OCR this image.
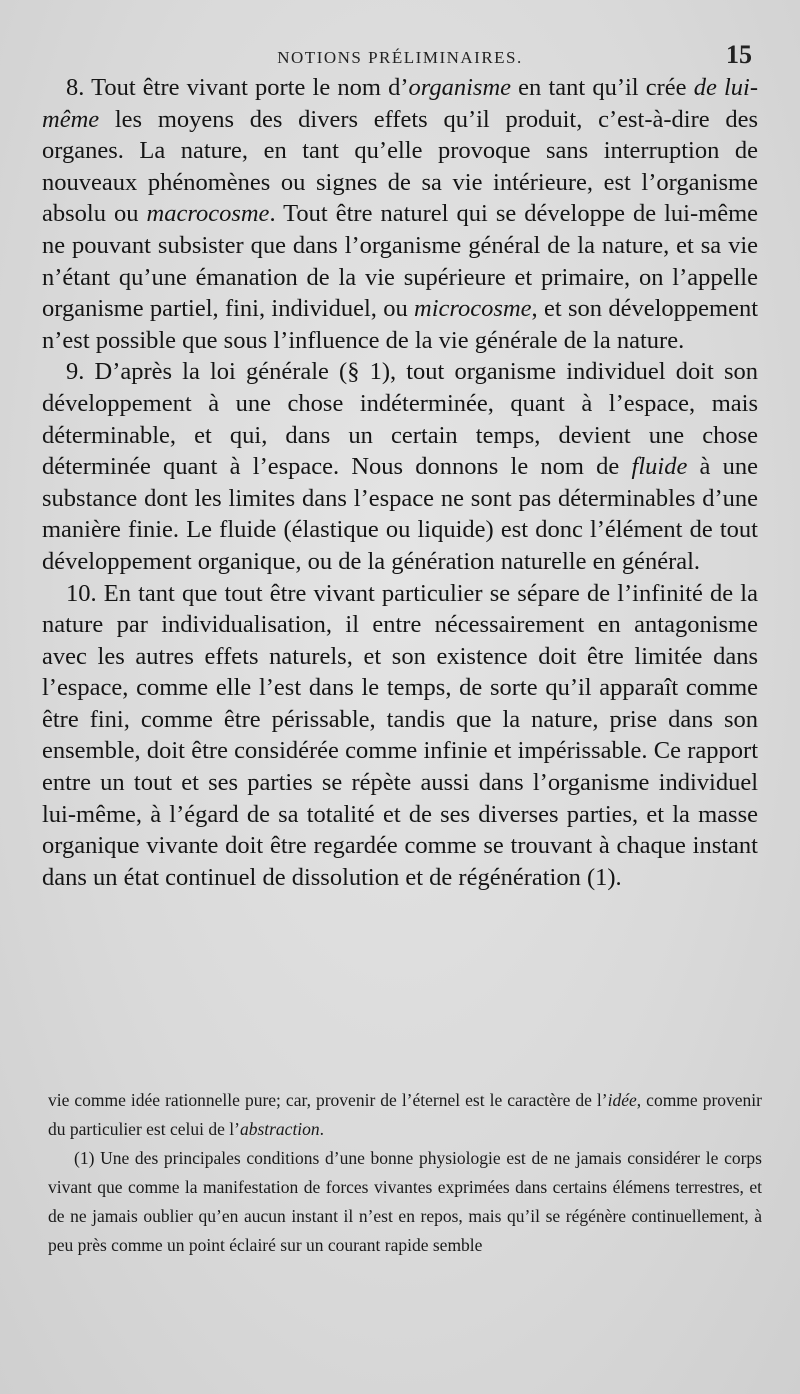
NOTIONS PRÉLIMINAIRES.	15

8. Tout être vivant porte le nom d’organisme en tant qu’il crée de lui-même les moyens des divers effets qu’il produit, c’est-à-dire des organes. La nature, en tant qu’elle provoque sans interruption de nouveaux phénomènes ou signes de sa vie intérieure, est l’organisme absolu ou macrocosme. Tout être naturel qui se développe de lui-même ne pouvant subsister que dans l’organisme général de la nature, et sa vie n’étant qu’une émanation de la vie supérieure et primaire, on l’appelle organisme partiel, fini, individuel, ou microcosme, et son développement n’est possible que sous l’influence de la vie générale de la nature.

9. D’après la loi générale (§ 1), tout organisme individuel doit son développement à une chose indéterminée, quant à l’espace, mais déterminable, et qui, dans un certain temps, devient une chose déterminée quant à l’espace. Nous donnons le nom de fluide à une substance dont les limites dans l’espace ne sont pas déterminables d’une manière finie. Le fluide (élastique ou liquide) est donc l’élément de tout développement organique, ou de la génération naturelle en général.

10. En tant que tout être vivant particulier se sépare de l’infinité de la nature par individualisation, il entre nécessairement en antagonisme avec les autres effets naturels, et son existence doit être limitée dans l’espace, comme elle l’est dans le temps, de sorte qu’il apparaît comme être fini, comme être périssable, tandis que la nature, prise dans son ensemble, doit être considérée comme infinie et impérissable. Ce rapport entre un tout et ses parties se répète aussi dans l’organisme individuel lui-même, à l’égard de sa totalité et de ses diverses parties, et la masse organique vivante doit être regardée comme se trouvant à chaque instant dans un état continuel de dissolution et de régénération (1).

vie comme idée rationnelle pure; car, provenir de l’éternel est le caractère de l’idée, comme provenir du particulier est celui de l’abstraction.

(1) Une des principales conditions d’une bonne physiologie est de ne jamais considérer le corps vivant que comme la manifestation de forces vivantes exprimées dans certains élémens terrestres, et de ne jamais oublier qu’en aucun instant il n’est en repos, mais qu’il se régénère continuellement, à peu près comme un point éclairé sur un courant rapide semble
